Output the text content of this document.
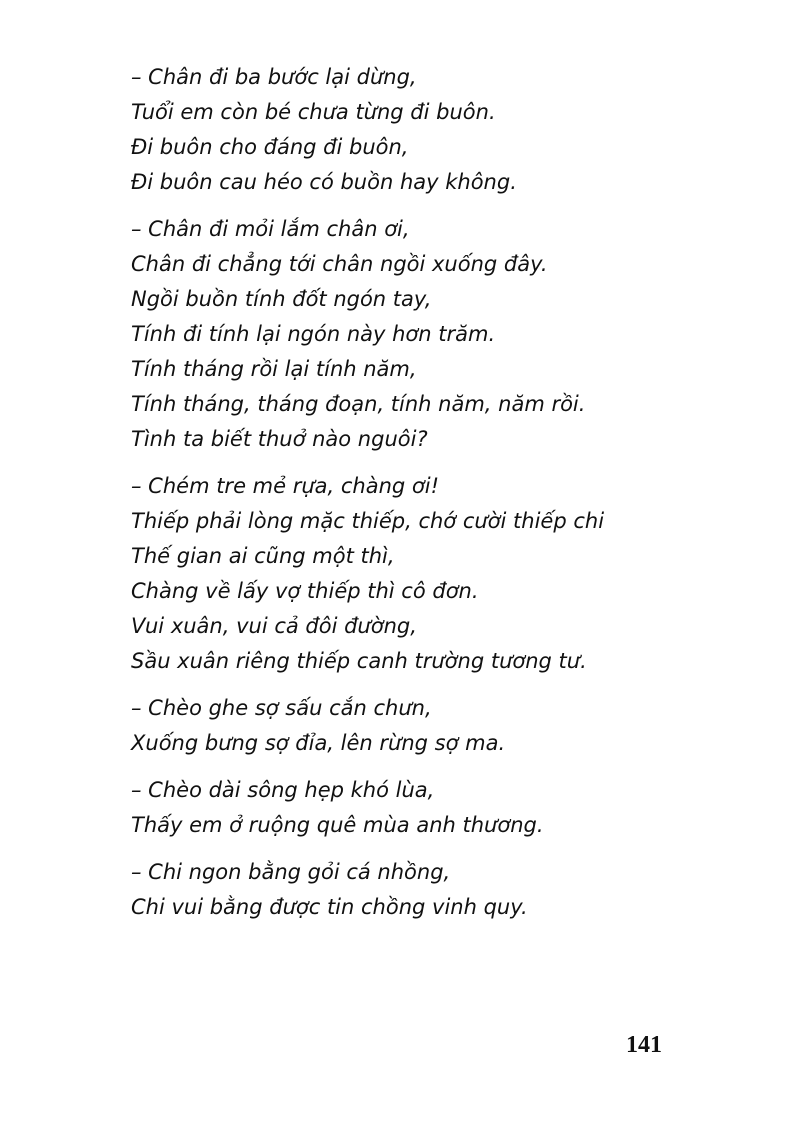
– Chân đi ba bước lại dừng,
Tuổi em còn bé chưa từng đi buôn.
Đi buôn cho đáng đi buôn,
Đi buôn cau héo có buồn hay không.
– Chân đi mỏi lắm chân ơi,
Chân đi chẳng tới chân ngồi xuống đây.
Ngồi buồn tính đốt ngón tay,
Tính đi tính lại ngón này hơn trăm.
Tính tháng rồi lại tính năm,
Tính tháng, tháng đoạn, tính năm, năm rồi.
Tình ta biết thuở nào nguôi?
– Chém tre mẻ rựa, chàng ơi!
Thiếp phải lòng mặc thiếp, chớ cười thiếp chi
Thế gian ai cũng một thì,
Chàng về lấy vợ thiếp thì cô đơn.
Vui xuân, vui cả đôi đường,
Sầu xuân riêng thiếp canh trường tương tư.
– Chèo ghe sợ sấu cắn chưn,
Xuống bưng sợ đỉa, lên rừng sợ ma.
– Chèo dài sông hẹp khó lùa,
Thấy em ở ruộng quê mùa anh thương.
– Chi ngon bằng gỏi cá nhồng,
Chi vui bằng được tin chồng vinh quy.
141
